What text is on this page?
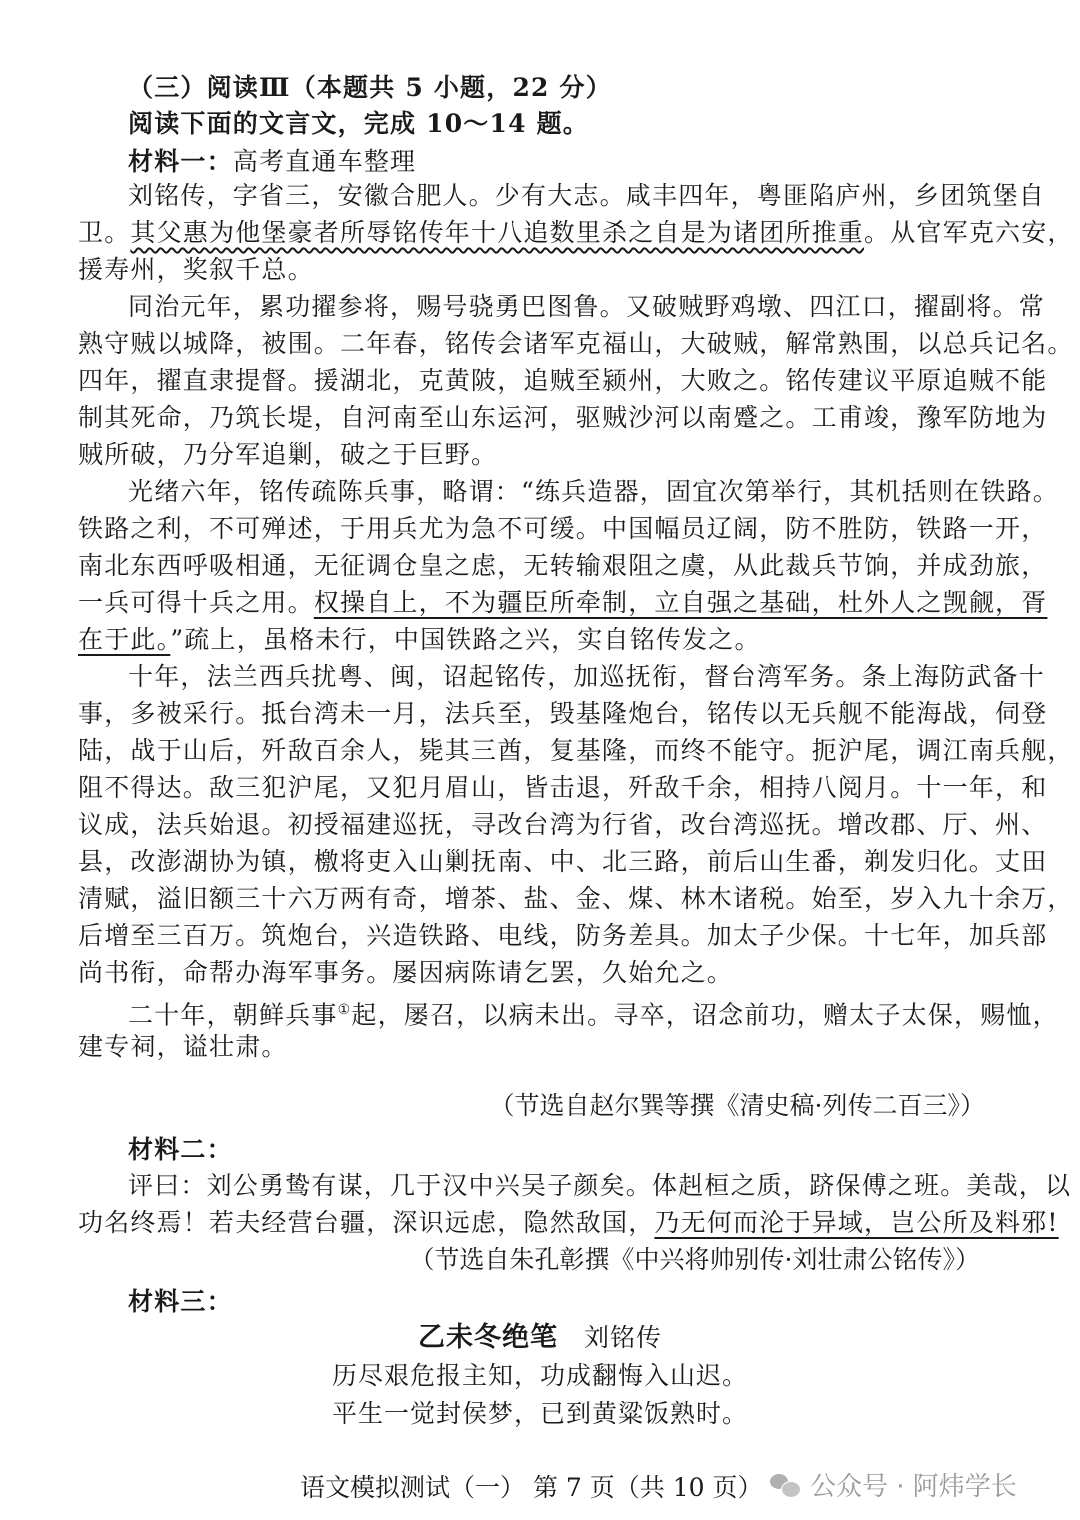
（三）阅读Ⅲ（本题共 5 小题，22 分）
阅读下面的文言文，完成 10～14 题。
材料一：高考直通车整理
刘铭传，字省三，安徽合肥人。少有大志。咸丰四年，粤匪陷庐州，乡团筑堡自
卫。其父惠为他堡豪者所辱铭传年十八追数里杀之自是为诸团所推重。从官军克六安，
援寿州，奖叙千总。
同治元年，累功擢参将，赐号骁勇巴图鲁。又破贼野鸡墩、四江口，擢副将。常
熟守贼以城降，被围。二年春，铭传会诸军克福山，大破贼，解常熟围，以总兵记名。
四年，擢直隶提督。援湖北，克黄陂，追贼至颍州，大败之。铭传建议平原追贼不能
制其死命，乃筑长堤，自河南至山东运河，驱贼沙河以南蹙之。工甫竣，豫军防地为
贼所破，乃分军追剿，破之于巨野。
光绪六年，铭传疏陈兵事，略谓：“练兵造器，固宜次第举行，其机括则在铁路。
铁路之利，不可殚述，于用兵尤为急不可缓。中国幅员辽阔，防不胜防，铁路一开，
南北东西呼吸相通，无征调仓皇之虑，无转输艰阻之虞，从此裁兵节饷，并成劲旅，
一兵可得十兵之用。权操自上，不为疆臣所牵制，立自强之基础，杜外人之觊觎，胥
在于此。”疏上，虽格未行，中国铁路之兴，实自铭传发之。
十年，法兰西兵扰粤、闽，诏起铭传，加巡抚衔，督台湾军务。条上海防武备十
事，多被采行。抵台湾未一月，法兵至，毁基隆炮台，铭传以无兵舰不能海战，伺登
陆，战于山后，歼敌百余人，毙其三酋，复基隆，而终不能守。扼沪尾，调江南兵舰，
阻不得达。敌三犯沪尾，又犯月眉山，皆击退，歼敌千余，相持八阅月。十一年，和
议成，法兵始退。初授福建巡抚，寻改台湾为行省，改台湾巡抚。增改郡、厅、州、
县，改澎湖协为镇，檄将吏入山剿抚南、中、北三路，前后山生番，剃发归化。丈田
清赋，溢旧额三十六万两有奇，增茶、盐、金、煤、林木诸税。始至，岁入九十余万，
后增至三百万。筑炮台，兴造铁路、电线，防务差具。加太子少保。十七年，加兵部
尚书衔，命帮办海军事务。屡因病陈请乞罢，久始允之。
二十年，朝鲜兵事①起，屡召，以病未出。寻卒，诏念前功，赠太子太保，赐恤，
建专祠，谥壮肃。
（节选自赵尔巽等撰《清史稿·列传二百三》）
材料二：
评曰：刘公勇鸷有谋，几于汉中兴吴子颜矣。体赳桓之质，跻保傅之班。美哉，以
功名终焉！若夫经营台疆，深识远虑，隐然敌国，乃无何而沦于异域，岂公所及料邪!
（节选自朱孔彰撰《中兴将帅别传·刘壮肃公铭传》）
材料三：
乙未冬绝笔 刘铭传
历尽艰危报主知，功成翻悔入山迟。
平生一觉封侯梦，已到黄粱饭熟时。
语文模拟测试（一） 第 7 页（共 10 页） 公众号 · 阿炜学长
